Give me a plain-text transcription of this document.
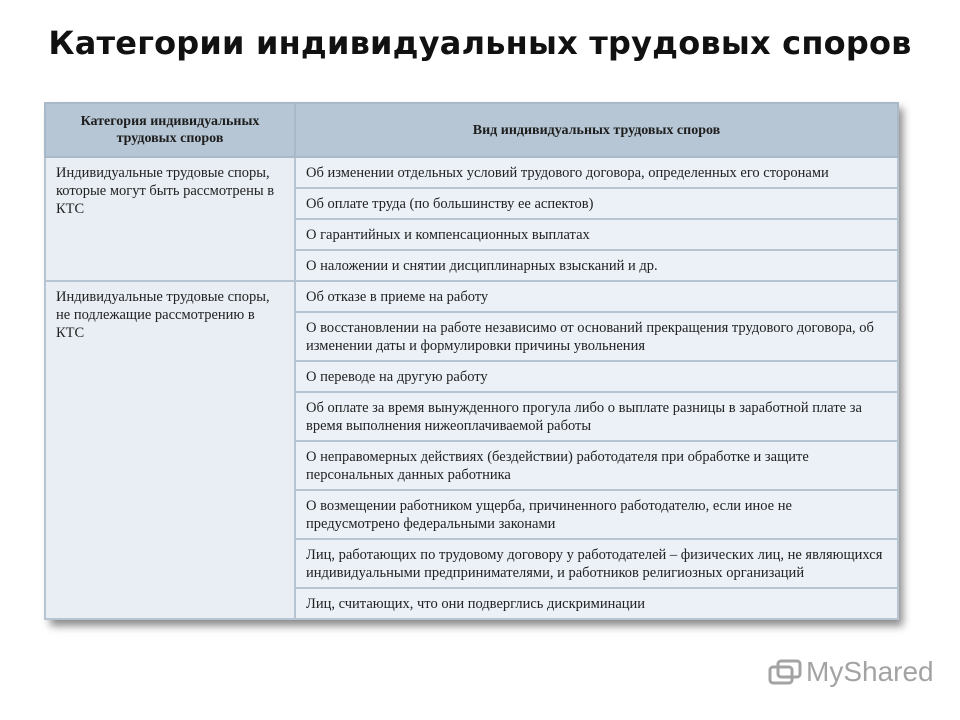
Категории индивидуальных трудовых споров
Категория индивидуальных трудовых споров	Вид индивидуальных трудовых споров
Индивидуальные трудовые споры, которые могут быть рассмотрены в КТС	Об изменении отдельных условий трудового договора, определенных его сторонами
	Об оплате труда (по большинству ее аспектов)
	О гарантийных и компенсационных выплатах
	О наложении и снятии дисциплинарных взысканий и др.
Индивидуальные трудовые споры, не подлежащие рассмотрению в КТС	Об отказе в приеме на работу
	О восстановлении на работе независимо от оснований прекращения трудового договора, об изменении даты и формулировки причины увольнения
	О переводе на другую работу
	Об оплате за время вынужденного прогула либо о выплате разницы в заработной плате за время выполнения нижеоплачиваемой работы
	О неправомерных действиях (бездействии) работодателя при обработке и защите персональных данных работника
	О возмещении работником ущерба, причиненного работодателю, если иное не предусмотрено федеральными законами
	Лиц, работающих по трудовому договору у работодателей – физических лиц, не являющихся индивидуальными предпринимателями, и работников религиозных организаций
	Лиц, считающих, что они подверглись дискриминации
MyShared
